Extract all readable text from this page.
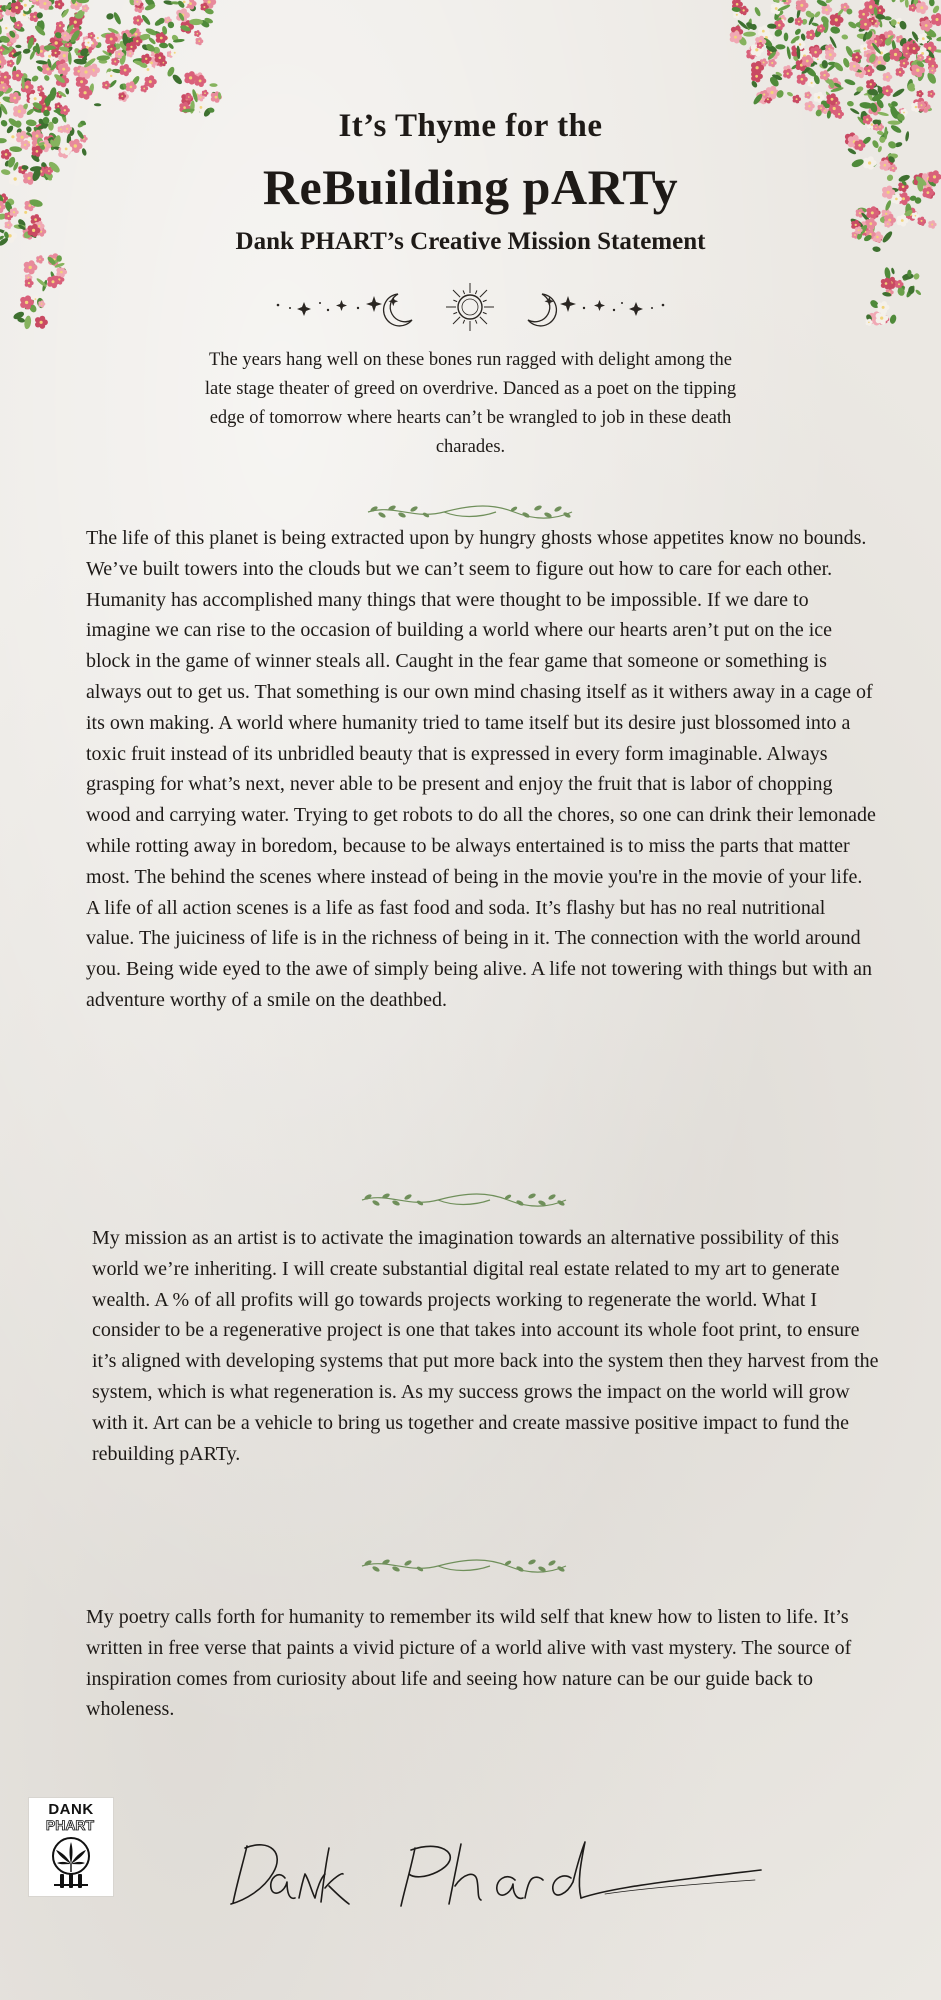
It’s Thyme for the
ReBuilding pARTy
Dank PHART’s Creative Mission Statement

The years hang well on these bones run ragged with delight among the late stage theater of greed on overdrive. Danced as a poet on the tipping edge of tomorrow where hearts can’t be wrangled to job in these death charades.

The life of this planet is being extracted upon by hungry ghosts whose appetites know no bounds. We’ve built towers into the clouds but we can’t seem to figure out how to care for each other. Humanity has accomplished many things that were thought to be impossible. If we dare to imagine we can rise to the occasion of building a world where our hearts aren’t put on the ice block in the game of winner steals all. Caught in the fear game that someone or something is always out to get us. That something is our own mind chasing itself as it withers away in a cage of its own making. A world where humanity tried to tame itself but its desire just blossomed into a toxic fruit instead of its unbridled beauty that is expressed in every form imaginable. Always grasping for what’s next, never able to be present and enjoy the fruit that is labor of chopping wood and carrying water. Trying to get robots to do all the chores, so one can drink their lemonade while rotting away in boredom, because to be always entertained is to miss the parts that matter most. The behind the scenes where instead of being in the movie you're in the movie of your life. A life of all action scenes is a life as fast food and soda. It’s flashy but has no real nutritional value. The juiciness of life is in the richness of being in it. The connection with the world around you. Being wide eyed to the awe of simply being alive. A life not towering with things but with an adventure worthy of a smile on the deathbed.

My mission as an artist is to activate the imagination towards an alternative possibility of this world we’re inheriting. I will create substantial digital real estate related to my art to generate wealth. A % of all profits will go towards projects working to regenerate the world. What I consider to be a regenerative project is one that takes into account its whole foot print, to ensure it’s aligned with developing systems that put more back into the system then they harvest from the system, which is what regeneration is. As my success grows the impact on the world will grow with it. Art can be a vehicle to bring us together and create massive positive impact to fund the rebuilding pARTy.

My poetry calls forth for humanity to remember its wild self that knew how to listen to life. It’s written in free verse that paints a vivid picture of a world alive with vast mystery. The source of inspiration comes from curiosity about life and seeing how nature can be our guide back to wholeness.

DANK
PHART
